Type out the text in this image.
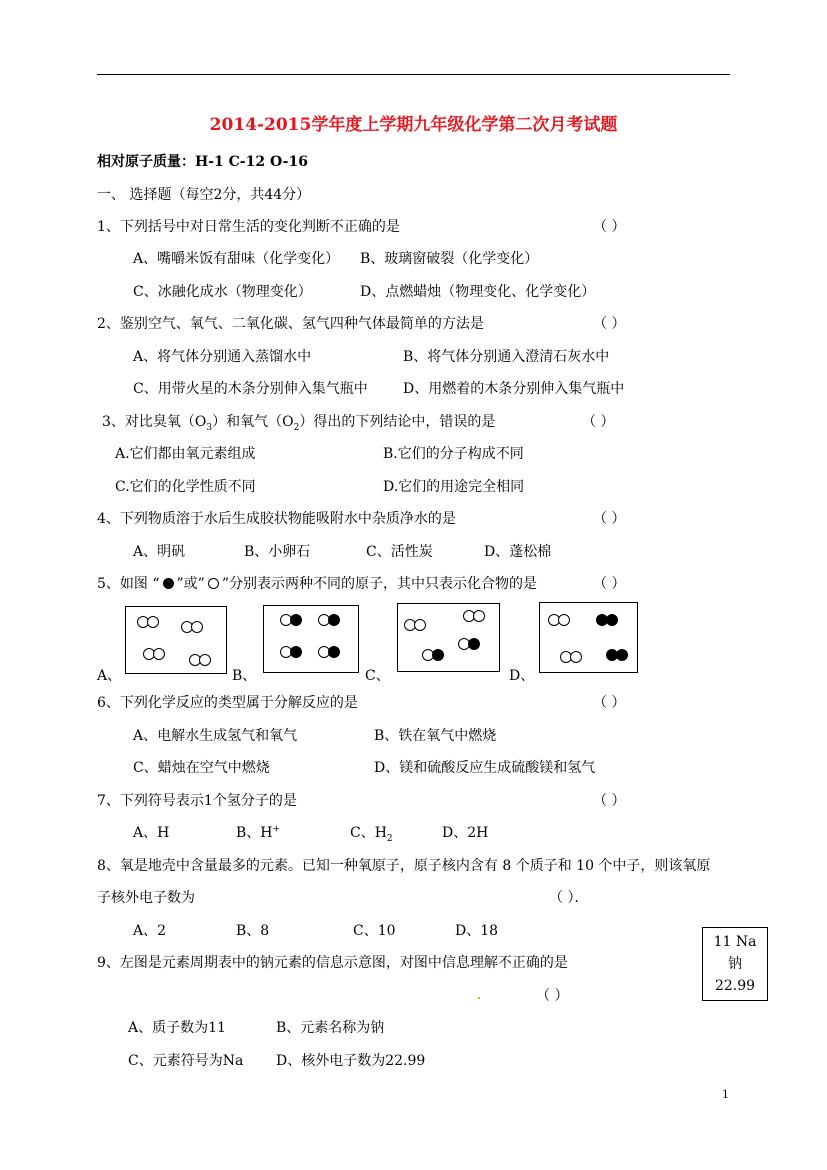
2014-2015学年度上学期九年级化学第二次月考试题
相对原子质量：H-1 C-12 O-16
一、 选择题（每空2分，共44分）
1、下列括号中对日常生活的变化判断不正确的是	（ ）
A、嘴嚼米饭有甜味（化学变化） B、玻璃窗破裂（化学变化）
C、冰融化成水（物理变化）	D、点燃蜡烛（物理变化、化学变化）
2、鉴别空气、氧气、二氧化碳、氢气四种气体最简单的方法是	（ ）
A、将气体分别通入蒸馏水中	B、将气体分别通入澄清石灰水中
C、用带火星的木条分别伸入集气瓶中	D、用燃着的木条分别伸入集气瓶中
3、对比臭氧$(O_3)$和氧气$(O_2)$得出的下列结论中，错误的是	（ ）
A.它们都由氧元素组成	B.它们的分子构成不同
C.它们的化学性质不同	D.它们的用途完全相同
4、下列物质溶于水后生成胶状物能吸附水中杂质净水的是	（ ）
A、明矾	B、小卵石	C、活性炭	D、蓬松棉
5、如图 “ ”或” ”分别表示两种不同的原子，其中只表示化合物的是	（ ）
A、	B、	C、	D、
6、下列化学反应的类型属于分解反应的是	（ ）
A、电解水生成氢气和氧气	B、铁在氧气中燃烧
C、蜡烛在空气中燃烧	D、镁和硫酸反应生成硫酸镁和氢气
7、下列符号表示1个氢分子的是	（ ）
A、H	B、H+	C、$H_2$	D、2H
8、氧是地壳中含量最多的元素。已知一种氧原子，原子核内含有 8 个质子和 10 个中子，则该氧原
子核外电子数为	（ ）．
A、2	B、8	C、10	D、18
11 Na
钠
22.99
9、左图是元素周期表中的钠元素的信息示意图，对图中信息理解不正确的是
（ ）
A、质子数为11	B、元素名称为钠
C、元素符号为Na D、核外电子数为22.99
1
